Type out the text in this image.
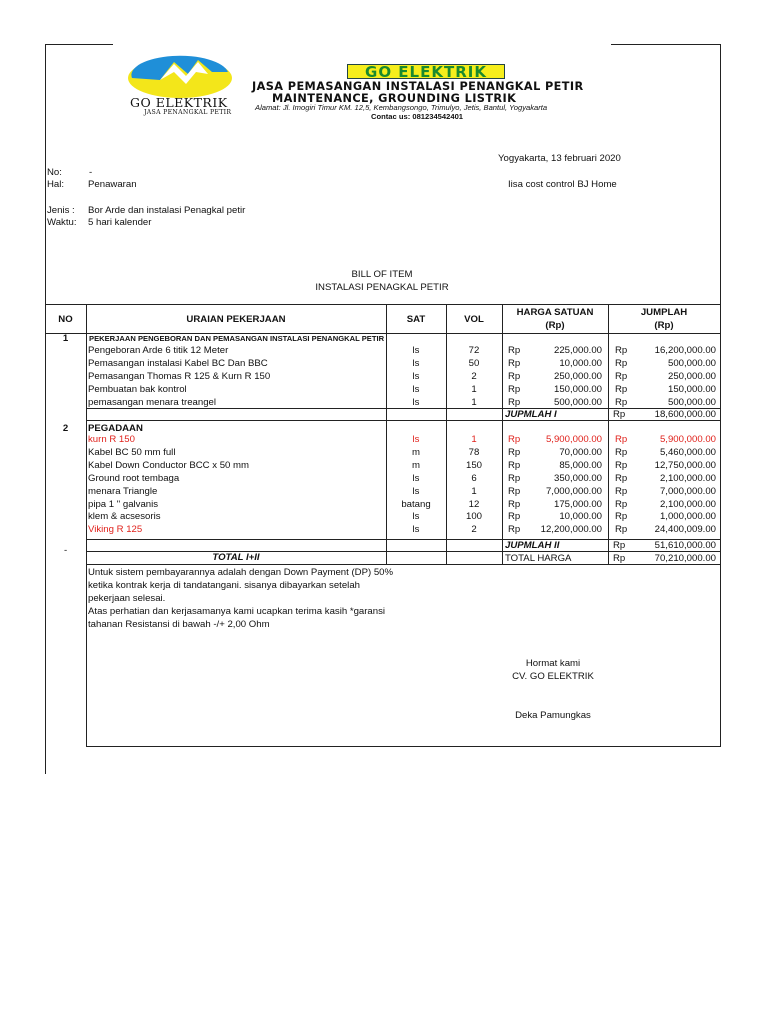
GO ELEKTRIK
JASA PENANGKAL PETIR
GO ELEKTRIK
JASA PEMASANGAN INSTALASI PENANGKAL PETIR
MAINTENANCE, GROUNDING LISTRIK
Alamat: Jl. Imogiri Timur KM. 12,5, Kembangsongo, Trimulyo, Jetis, Bantul, Yogyakarta
Contac us: 081234542401
Yogyakarta, 13 februari 2020
No:	-
Hal: Penawaran	Iisa cost control BJ Home
Jenis : Bor Arde dan instalasi Penagkal petir
Waktu: 5 hari kalender
BILL OF ITEM
INSTALASI PENAGKAL PETIR
NO	URAIAN PEKERJAAN	SAT	VOL
HARGA SATUAN
(Rp)
JUMPLAH
(Rp)
1	PEKERJAAN PENGEBORAN DAN PEMASANGAN INSTALASI PENANGKAL PETIR
Pengeboran Arde 6 titik 12 Meter	ls	72	Rp	225,000.00 Rp	16,200,000.00
Pemasangan instalasi Kabel BC Dan BBC	ls	50	Rp	10,000.00 Rp	500,000.00
Pemasangan Thomas R 125 & Kurn R 150	ls	2	Rp	250,000.00 Rp	250,000.00
Pembuatan bak kontrol	ls	1	Rp	150,000.00 Rp	150,000.00
pemasangan menara treangel	ls	1	Rp	500,000.00 Rp	500,000.00
JUPMLAH I	Rp	18,600,000.00
2	PEGADAAN
kurn R 150	ls	1	Rp	5,900,000.00 Rp	5,900,000.00
Kabel BC 50 mm full	m	78	Rp	70,000.00 Rp	5,460,000.00
Kabel Down Conductor BCC x 50 mm	m	150	Rp	85,000.00 Rp	12,750,000.00
Ground root tembaga	ls	6	Rp	350,000.00 Rp	2,100,000.00
menara Triangle	ls	1	Rp	7,000,000.00 Rp	7,000,000.00
pipa 1 " galvanis	batang	12	Rp	175,000.00 Rp	2,100,000.00
klem & acsesoris	ls	100	Rp	10,000.00 Rp	1,000,000.00
Viking R 125	ls	2	Rp	12,200,000.00 Rp	24,400,009.00
JUPMLAH II	Rp	51,610,000.00
-
TOTAL I+II	TOTAL HARGA	Rp	70,210,000.00
Untuk sistem pembayarannya adalah dengan Down Payment (DP) 50%
ketika kontrak kerja di tandatangani. sisanya dibayarkan setelah
pekerjaan selesai.
Atas perhatian dan kerjasamanya kami ucapkan terima kasih *garansi
tahanan Resistansi di bawah -/+ 2,00 Ohm
Hormat kami
CV. GO ELEKTRIK
Deka Pamungkas
